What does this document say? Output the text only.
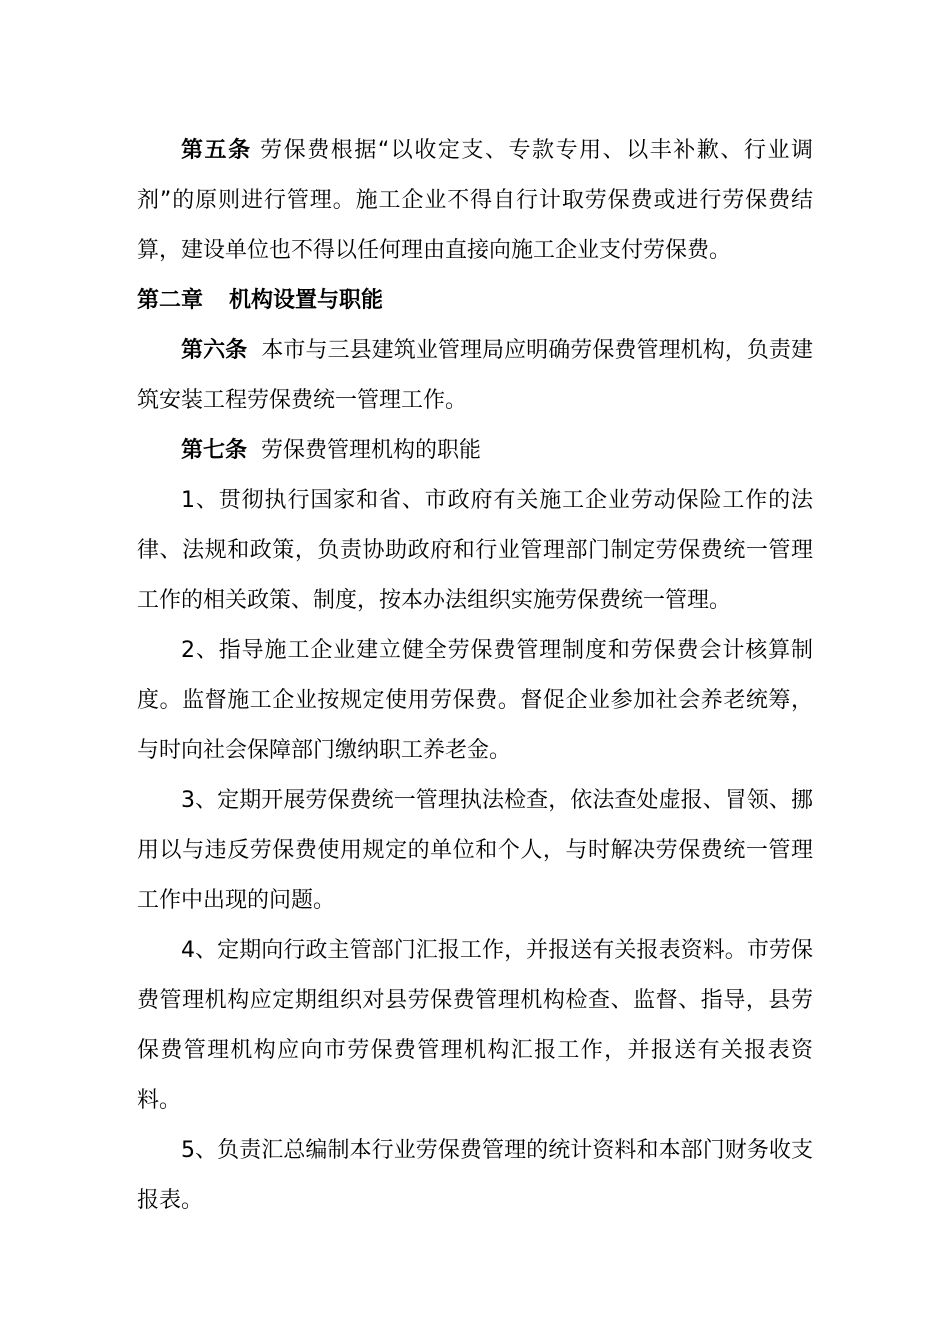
第五条 劳保费根据“以收定支、专款专用、以丰补歉、行业调剂”的原则进行管理。施工企业不得自行计取劳保费或进行劳保费结算，建设单位也不得以任何理由直接向施工企业支付劳保费。

第二章 机构设置与职能

第六条 本市与三县建筑业管理局应明确劳保费管理机构，负责建筑安装工程劳保费统一管理工作。

第七条 劳保费管理机构的职能

1、贯彻执行国家和省、市政府有关施工企业劳动保险工作的法律、法规和政策，负责协助政府和行业管理部门制定劳保费统一管理工作的相关政策、制度，按本办法组织实施劳保费统一管理。

2、指导施工企业建立健全劳保费管理制度和劳保费会计核算制度。监督施工企业按规定使用劳保费。督促企业参加社会养老统筹，与时向社会保障部门缴纳职工养老金。

3、定期开展劳保费统一管理执法检查，依法查处虚报、冒领、挪用以与违反劳保费使用规定的单位和个人，与时解决劳保费统一管理工作中出现的问题。

4、定期向行政主管部门汇报工作，并报送有关报表资料。市劳保费管理机构应定期组织对县劳保费管理机构检查、监督、指导，县劳保费管理机构应向市劳保费管理机构汇报工作，并报送有关报表资料。

5、负责汇总编制本行业劳保费管理的统计资料和本部门财务收支报表。
